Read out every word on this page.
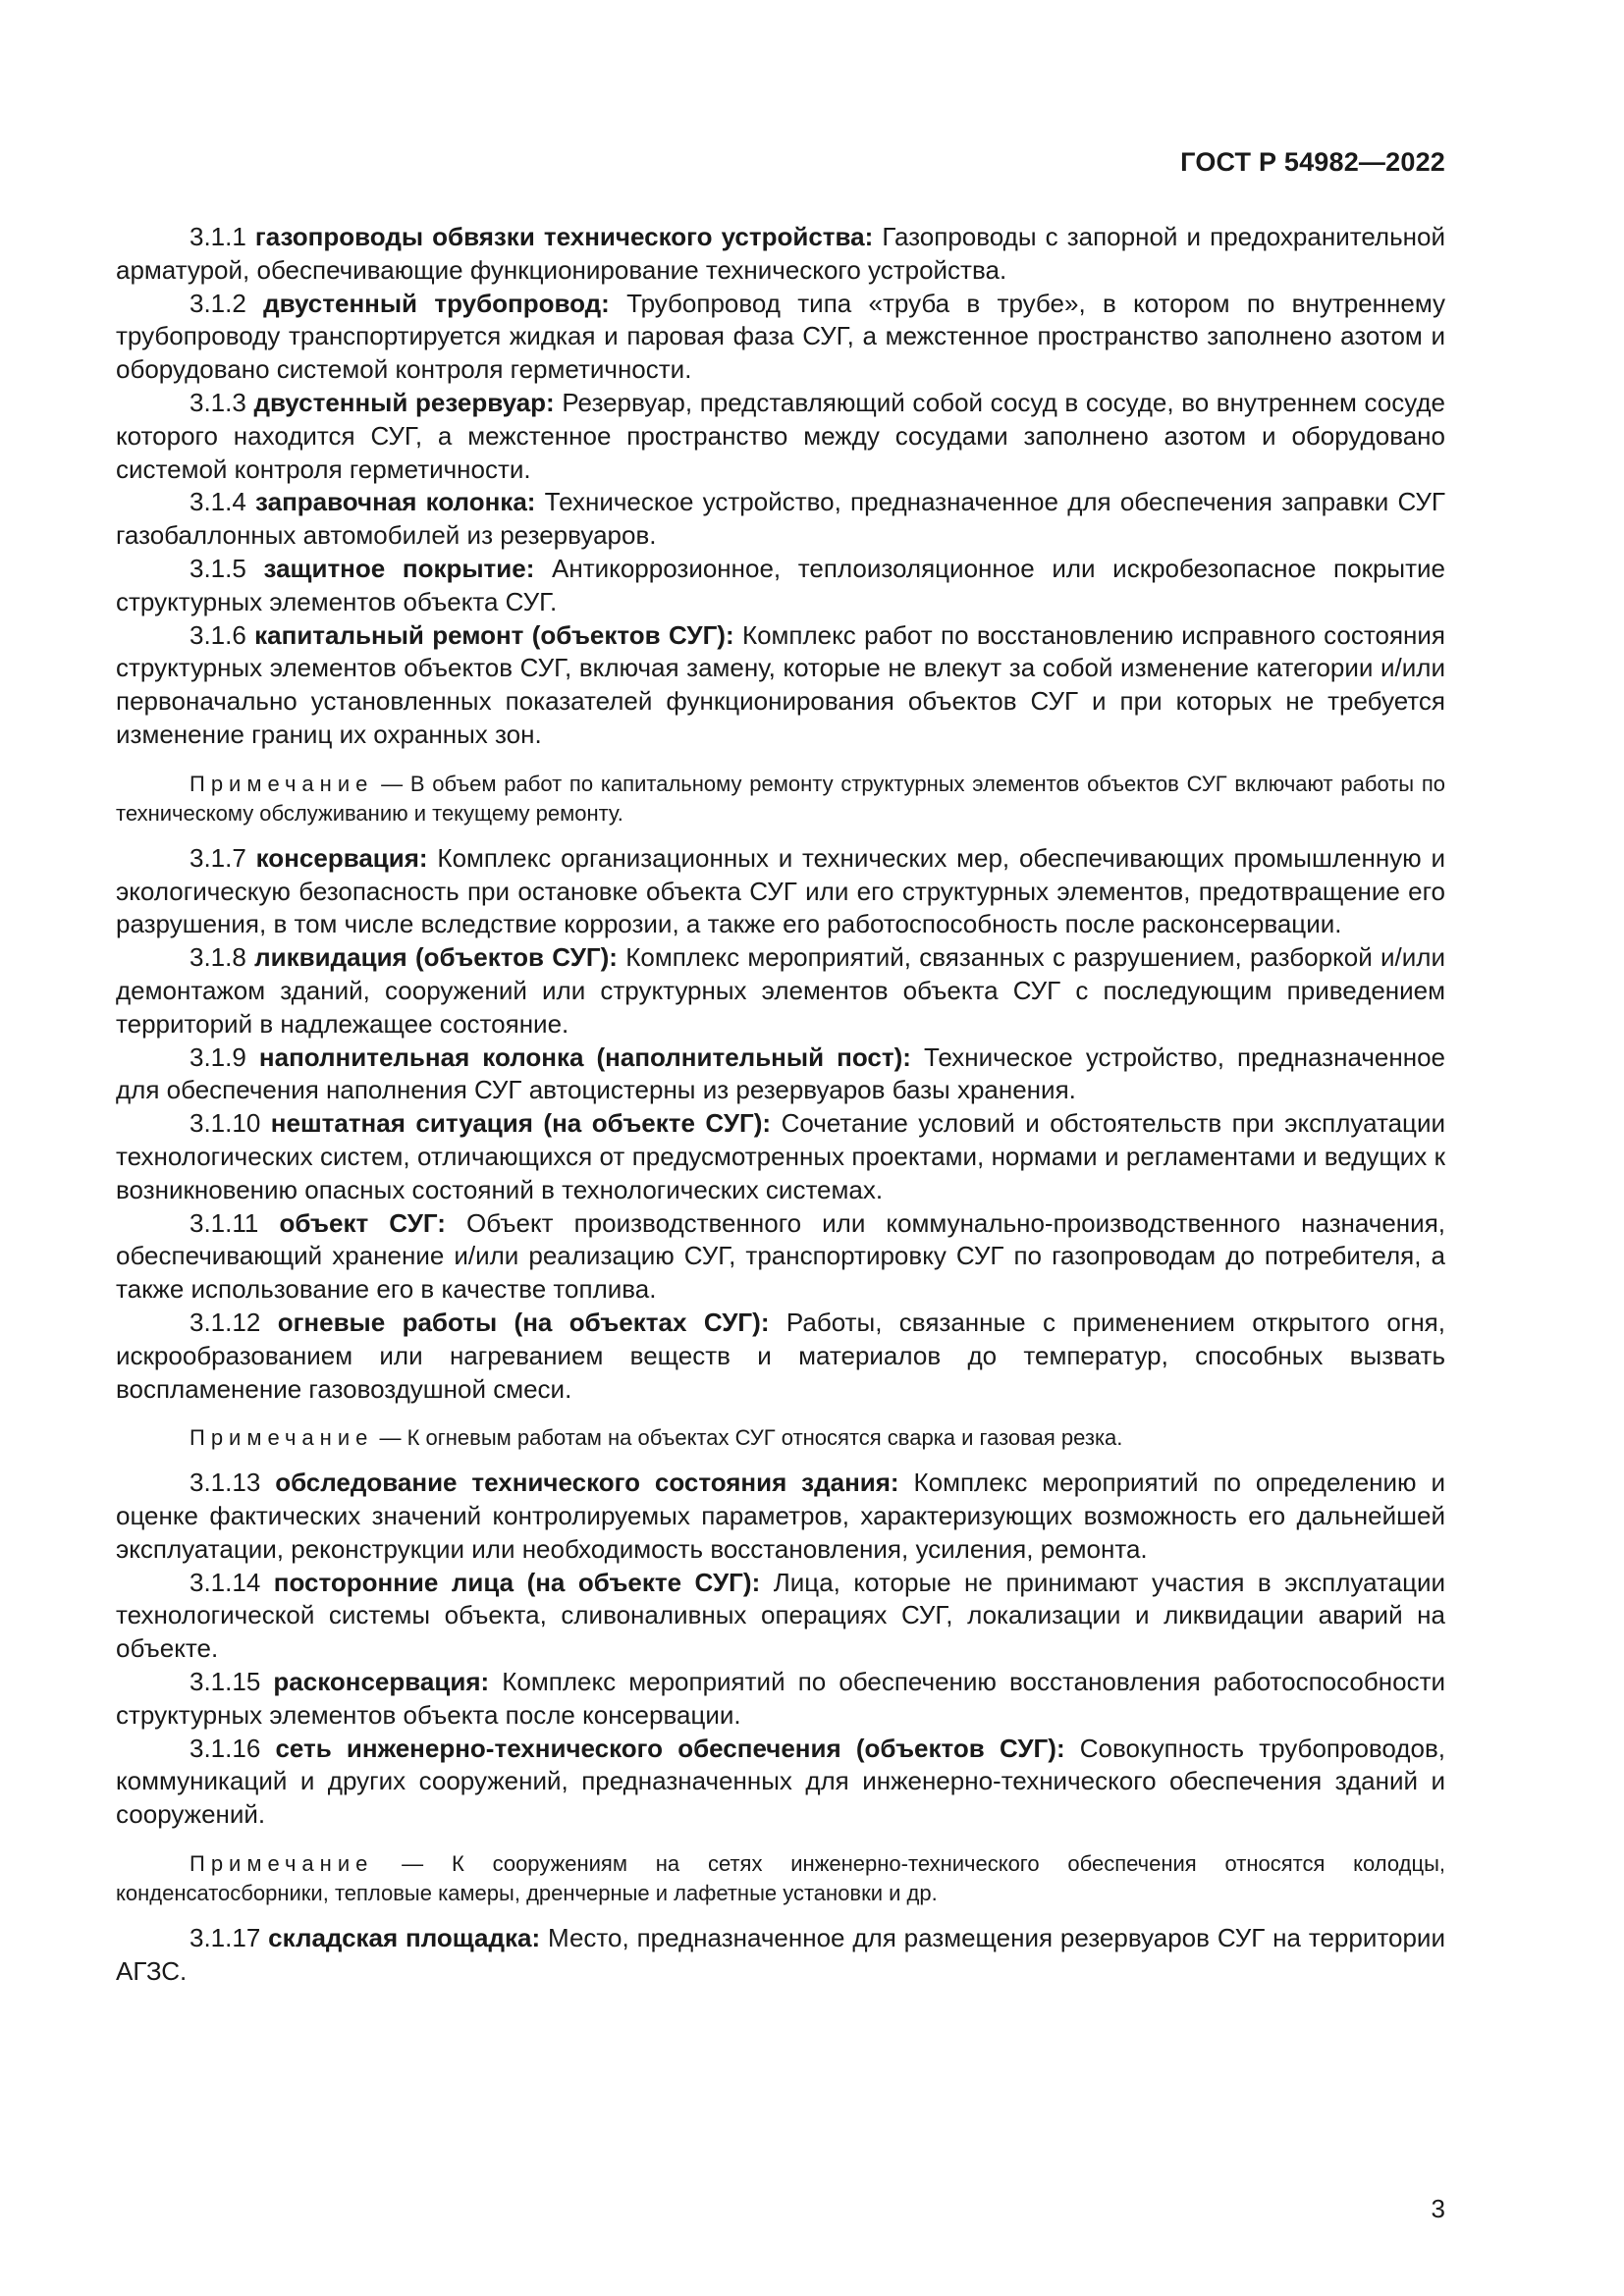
ГОСТ Р 54982—2022

3.1.1 газопроводы обвязки технического устройства: Газопроводы с запорной и предохранительной арматурой, обеспечивающие функционирование технического устройства.

3.1.2 двустенный трубопровод: Трубопровод типа «труба в трубе», в котором по внутреннему трубопроводу транспортируется жидкая и паровая фаза СУГ, а межстенное пространство заполнено азотом и оборудовано системой контроля герметичности.

3.1.3 двустенный резервуар: Резервуар, представляющий собой сосуд в сосуде, во внутреннем сосуде которого находится СУГ, а межстенное пространство между сосудами заполнено азотом и оборудовано системой контроля герметичности.

3.1.4 заправочная колонка: Техническое устройство, предназначенное для обеспечения заправки СУГ газобаллонных автомобилей из резервуаров.

3.1.5 защитное покрытие: Антикоррозионное, теплоизоляционное или искробезопасное покрытие структурных элементов объекта СУГ.

3.1.6 капитальный ремонт (объектов СУГ): Комплекс работ по восстановлению исправного состояния структурных элементов объектов СУГ, включая замену, которые не влекут за собой изменение категории и/или первоначально установленных показателей функционирования объектов СУГ и при которых не требуется изменение границ их охранных зон.

Примечание — В объем работ по капитальному ремонту структурных элементов объектов СУГ включают работы по техническому обслуживанию и текущему ремонту.

3.1.7 консервация: Комплекс организационных и технических мер, обеспечивающих промышленную и экологическую безопасность при остановке объекта СУГ или его структурных элементов, предотвращение его разрушения, в том числе вследствие коррозии, а также его работоспособность после расконсервации.

3.1.8 ликвидация (объектов СУГ): Комплекс мероприятий, связанных с разрушением, разборкой и/или демонтажом зданий, сооружений или структурных элементов объекта СУГ с последующим приведением территорий в надлежащее состояние.

3.1.9 наполнительная колонка (наполнительный пост): Техническое устройство, предназначенное для обеспечения наполнения СУГ автоцистерны из резервуаров базы хранения.

3.1.10 нештатная ситуация (на объекте СУГ): Сочетание условий и обстоятельств при эксплуатации технологических систем, отличающихся от предусмотренных проектами, нормами и регламентами и ведущих к возникновению опасных состояний в технологических системах.

3.1.11 объект СУГ: Объект производственного или коммунально-производственного назначения, обеспечивающий хранение и/или реализацию СУГ, транспортировку СУГ по газопроводам до потребителя, а также использование его в качестве топлива.

3.1.12 огневые работы (на объектах СУГ): Работы, связанные с применением открытого огня, искрообразованием или нагреванием веществ и материалов до температур, способных вызвать воспламенение газовоздушной смеси.

Примечание — К огневым работам на объектах СУГ относятся сварка и газовая резка.

3.1.13 обследование технического состояния здания: Комплекс мероприятий по определению и оценке фактических значений контролируемых параметров, характеризующих возможность его дальнейшей эксплуатации, реконструкции или необходимость восстановления, усиления, ремонта.

3.1.14 посторонние лица (на объекте СУГ): Лица, которые не принимают участия в эксплуатации технологической системы объекта, сливоналивных операциях СУГ, локализации и ликвидации аварий на объекте.

3.1.15 расконсервация: Комплекс мероприятий по обеспечению восстановления работоспособности структурных элементов объекта после консервации.

3.1.16 сеть инженерно-технического обеспечения (объектов СУГ): Совокупность трубопроводов, коммуникаций и других сооружений, предназначенных для инженерно-технического обеспечения зданий и сооружений.

Примечание — К сооружениям на сетях инженерно-технического обеспечения относятся колодцы, конденсатосборники, тепловые камеры, дренчерные и лафетные установки и др.

3.1.17 складская площадка: Место, предназначенное для размещения резервуаров СУГ на территории АГЗС.

3
